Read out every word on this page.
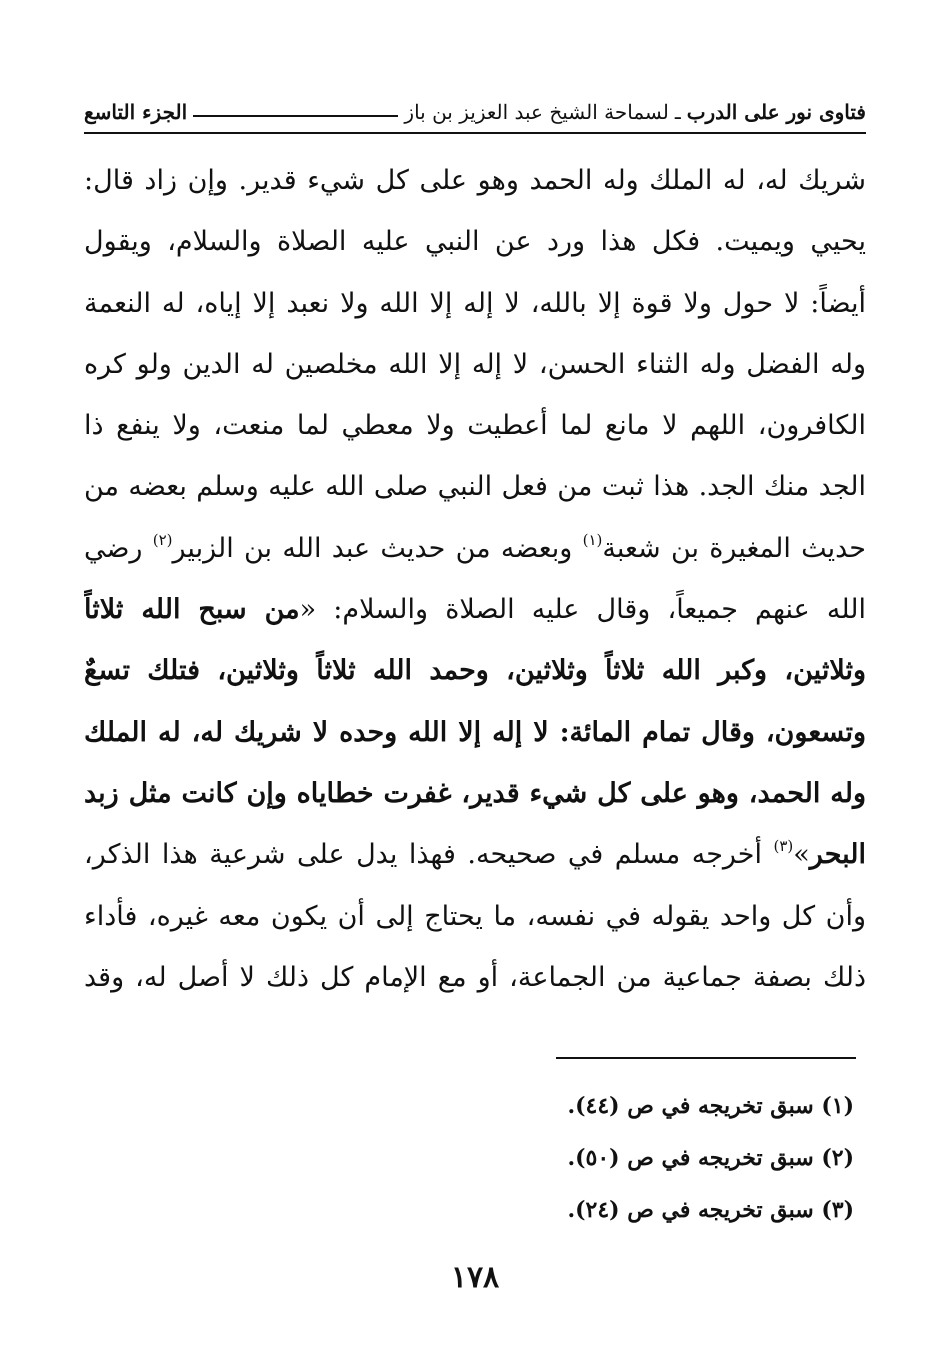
فتاوى نور على الدرب
ـ
لسماحة الشيخ عبد العزيز بن باز
الجزء التاسع
شريك له، له الملك وله الحمد وهو على كل شيء قدير. وإن زاد قال:
يحيي ويميت. فكل هذا ورد عن النبي عليه الصلاة والسلام، ويقول
أيضاً: لا حول ولا قوة إلا بالله، لا إله إلا الله ولا نعبد إلا إياه، له النعمة
وله الفضل وله الثناء الحسن، لا إله إلا الله مخلصين له الدين ولو كره
الكافرون، اللهم لا مانع لما أعطيت ولا معطي لما منعت، ولا ينفع ذا
الجد منك الجد. هذا ثبت من فعل النبي صلى الله عليه وسلم بعضه من
حديث المغيرة بن شعبة$^{(١)}$ وبعضه من حديث عبد الله بن الزبير$^{(٢)}$ رضي
الله عنهم جميعاً، وقال عليه الصلاة والسلام: «من سبح الله ثلاثاً
وثلاثين، وكبر الله ثلاثاً وثلاثين، وحمد الله ثلاثاً وثلاثين، فتلك تسعٌ
وتسعون، وقال تمام المائة: لا إله إلا الله وحده لا شريك له، له الملك
وله الحمد، وهو على كل شيء قدير، غفرت خطاياه وإن كانت مثل زبد
البحر»$^{(٣)}$ أخرجه مسلم في صحيحه. فهذا يدل على شرعية هذا الذكر،
وأن كل واحد يقوله في نفسه، ما يحتاج إلى أن يكون معه غيره، فأداء
ذلك بصفة جماعية من الجماعة، أو مع الإمام كل ذلك لا أصل له، وقد
(١) سبق تخريجه في ص (٤٤).
(٢) سبق تخريجه في ص (٥٠).
(٣) سبق تخريجه في ص (٢٤).
١٧٨
